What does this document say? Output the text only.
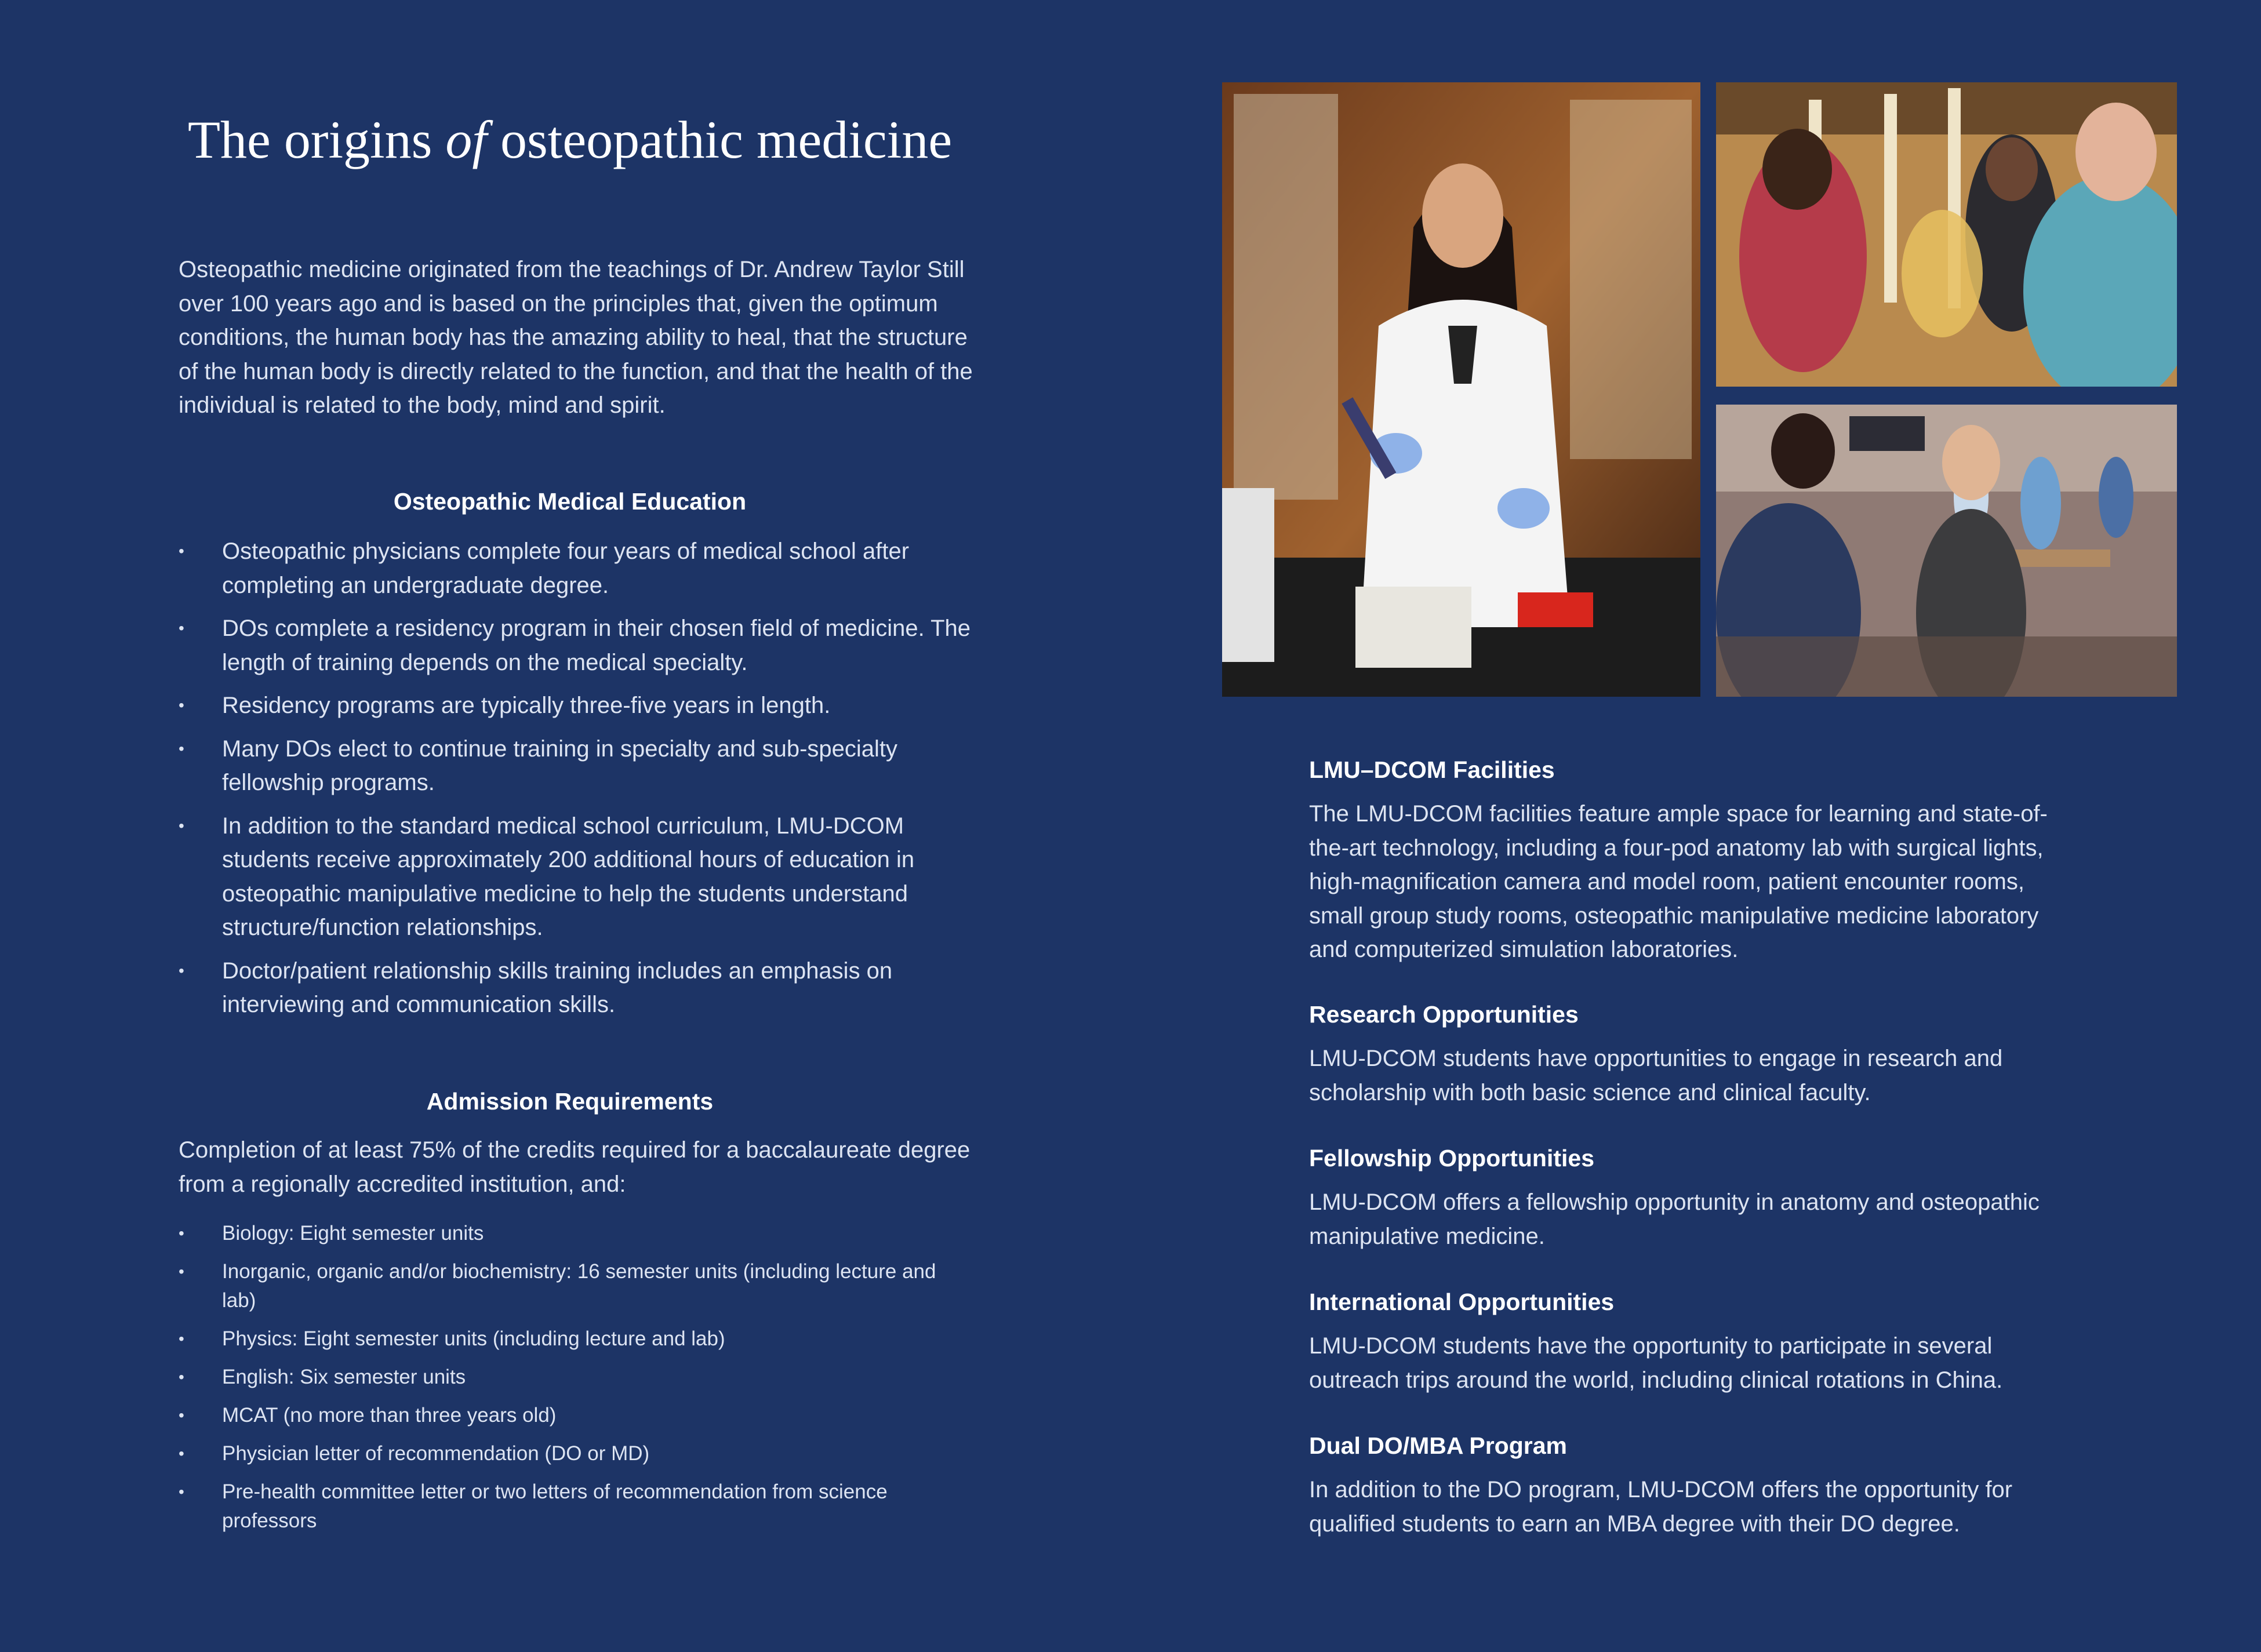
The origins of osteopathic medicine

Osteopathic medicine originated from the teachings of Dr. Andrew Taylor Still over 100 years ago and is based on the principles that, given the optimum conditions, the human body has the amazing ability to heal, that the structure of the human body is directly related to the function, and that the health of the individual is related to the body, mind and spirit.

Osteopathic Medical Education
• Osteopathic physicians complete four years of medical school after completing an undergraduate degree.
• DOs complete a residency program in their chosen field of medicine. The length of training depends on the medical specialty.
• Residency programs are typically three-five years in length.
• Many DOs elect to continue training in specialty and sub-specialty fellowship programs.
• In addition to the standard medical school curriculum, LMU-DCOM students receive approximately 200 additional hours of education in osteopathic manipulative medicine to help the students understand structure/function relationships.
• Doctor/patient relationship skills training includes an emphasis on interviewing and communication skills.
Admission Requirements

Completion of at least 75% of the credits required for a baccalaureate degree from a regionally accredited institution, and:

• Biology: Eight semester units
• Inorganic, organic and/or biochemistry: 16 semester units (including lecture and lab)
• Physics: Eight semester units (including lecture and lab)
• English: Six semester units
• MCAT (no more than three years old)
• Physician letter of recommendation (DO or MD)
• Pre-health committee letter or two letters of recommendation from science professors
LMU–DCOM Facilities

The LMU-DCOM facilities feature ample space for learning and state-of-the-art technology, including a four-pod anatomy lab with surgical lights, high-magnification camera and model room, patient encounter rooms, small group study rooms, osteopathic manipulative medicine laboratory and computerized simulation laboratories.

Research Opportunities

LMU-DCOM students have opportunities to engage in research and scholarship with both basic science and clinical faculty.

Fellowship Opportunities

LMU-DCOM offers a fellowship opportunity in anatomy and osteopathic manipulative medicine.

International Opportunities

LMU-DCOM students have the opportunity to participate in several outreach trips around the world, including clinical rotations in China.

Dual DO/MBA Program

In addition to the DO program, LMU-DCOM offers the opportunity for qualified students to earn an MBA degree with their DO degree.
